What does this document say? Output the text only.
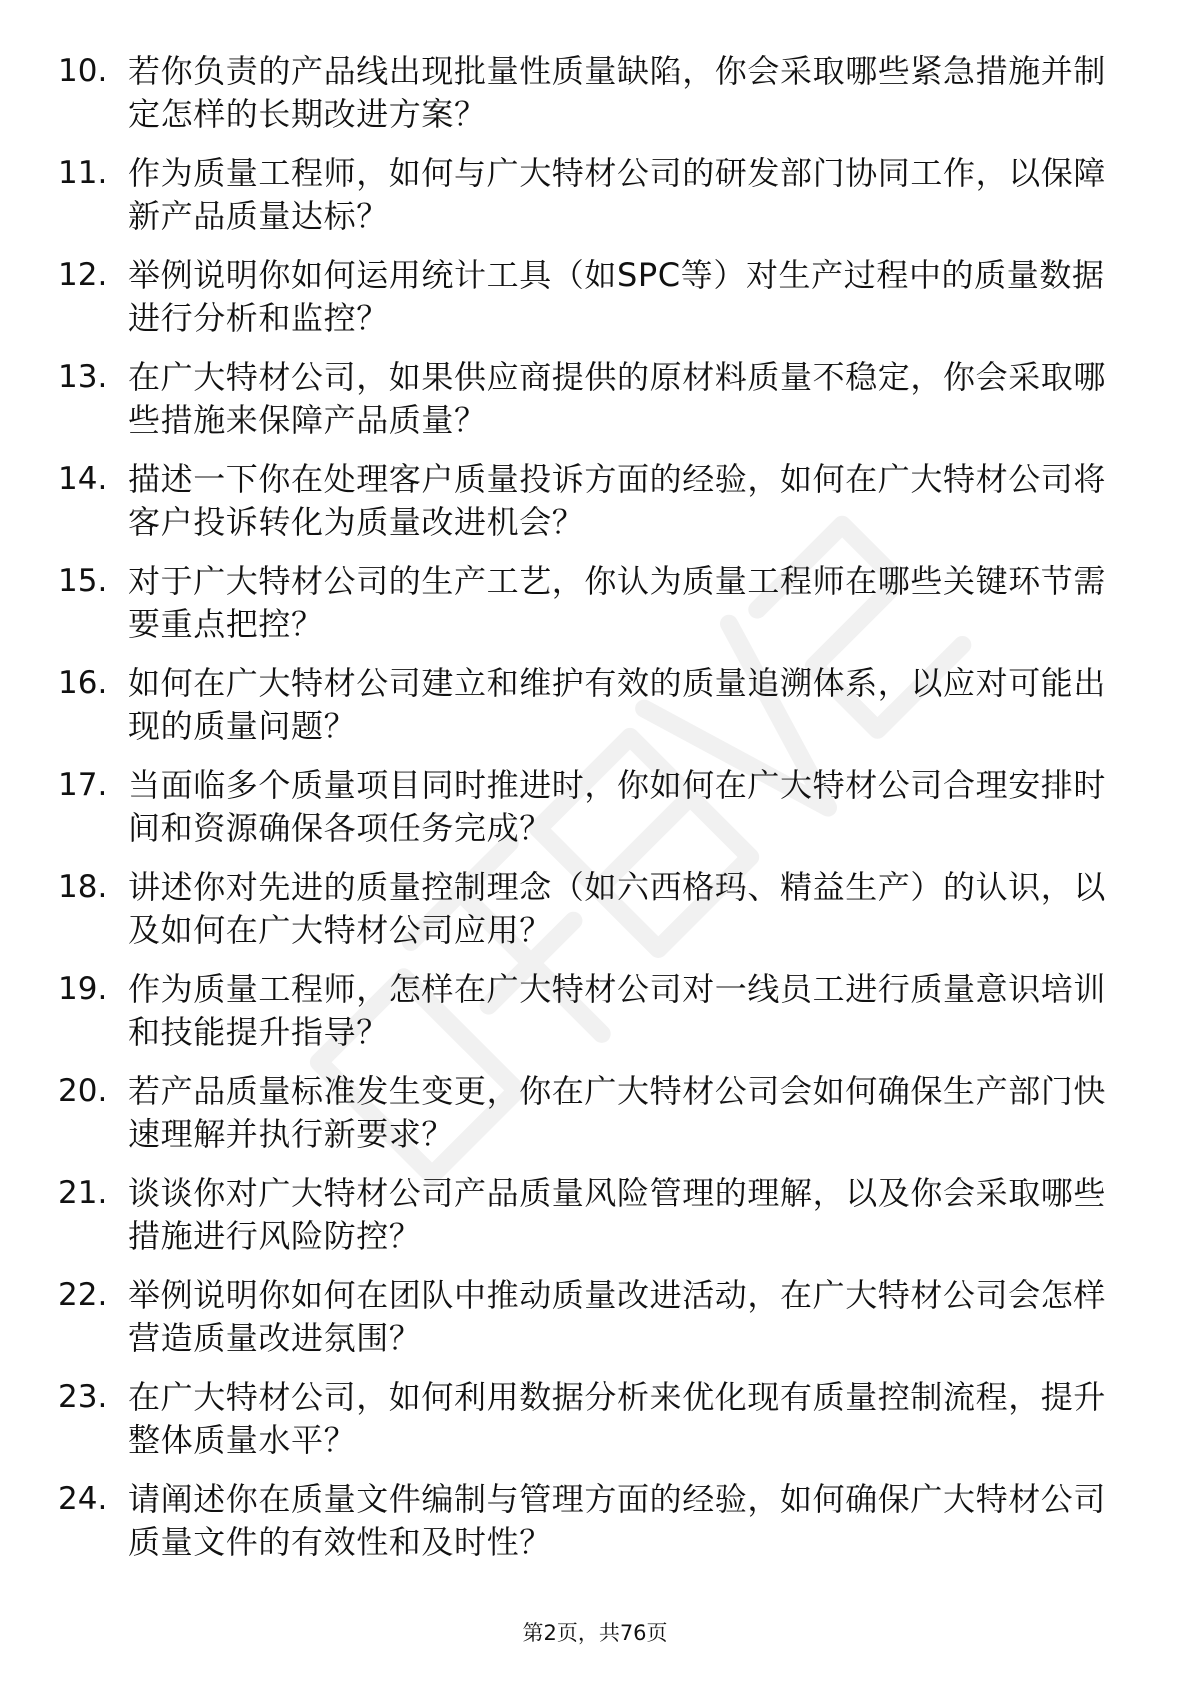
10. 若你负责的产品线出现批量性质量缺陷，你会采取哪些紧急措施并制定怎样的长期改进方案？
11. 作为质量工程师，如何与广大特材公司的研发部门协同工作，以保障新产品质量达标？
12. 举例说明你如何运用统计工具（如SPC等）对生产过程中的质量数据进行分析和监控？
13. 在广大特材公司，如果供应商提供的原材料质量不稳定，你会采取哪些措施来保障产品质量？
14. 描述一下你在处理客户质量投诉方面的经验，如何在广大特材公司将客户投诉转化为质量改进机会？
15. 对于广大特材公司的生产工艺，你认为质量工程师在哪些关键环节需要重点把控？
16. 如何在广大特材公司建立和维护有效的质量追溯体系，以应对可能出现的质量问题？
17. 当面临多个质量项目同时推进时，你如何在广大特材公司合理安排时间和资源确保各项任务完成？
18. 讲述你对先进的质量控制理念（如六西格玛、精益生产）的认识，以及如何在广大特材公司应用？
19. 作为质量工程师，怎样在广大特材公司对一线员工进行质量意识培训和技能提升指导？
20. 若产品质量标准发生变更，你在广大特材公司会如何确保生产部门快速理解并执行新要求？
21. 谈谈你对广大特材公司产品质量风险管理的理解，以及你会采取哪些措施进行风险防控？
22. 举例说明你如何在团队中推动质量改进活动，在广大特材公司会怎样营造质量改进氛围？
23. 在广大特材公司，如何利用数据分析来优化现有质量控制流程，提升整体质量水平？
24. 请阐述你在质量文件编制与管理方面的经验，如何确保广大特材公司质量文件的有效性和及时性？
第2页，共76页
